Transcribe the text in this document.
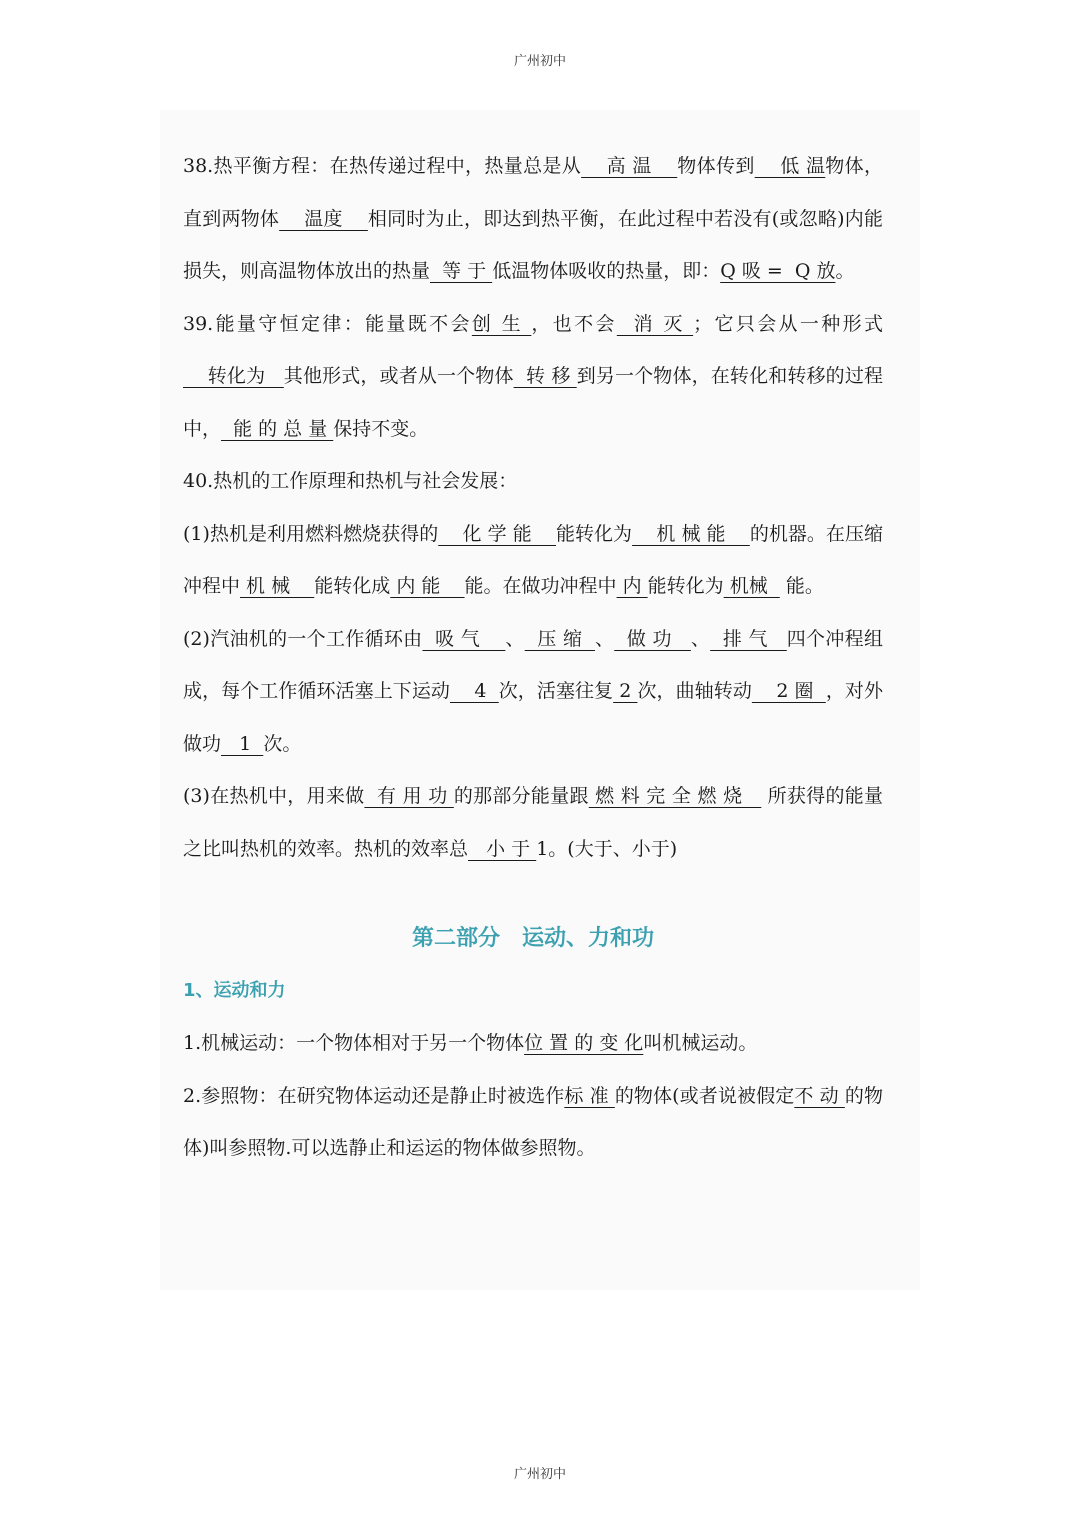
广州初中

38.热平衡方程：在热传递过程中，热量总是从    高 温    物体传到    低 温物体，直到两物体    温度    相同时为止，即达到热平衡，在此过程中若没有(或忽略)内能损失，则高温物体放出的热量  等 于 低温物体吸收的热量，即：Q 吸 =  Q 放。

39.能量守恒定律：能量既不会创 生 ，也不会  消 灭 ；它只会从一种形式    转化为   其他形式，或者从一个物体  转 移 到另一个物体，在转化和转移的过程中，  能 的 总 量 保持不变。

40.热机的工作原理和热机与社会发展：

(1)热机是利用燃料燃烧获得的    化 学 能    能转化为    机 械 能    的机器。在压缩冲程中 机 械    能转化成 内 能    能。在做功冲程中 内 能转化为 机械   能。

(2)汽油机的一个工作循环由  吸 气    、  压 缩  、  做 功   、  排 气   四个冲程组成，每个工作循环活塞上下运动    4  次，活塞往复 2 次，曲轴转动    2 圈  ，对外做功   1  次。

(3)在热机中，用来做  有 用 功 的那部分能量跟 燃 料 完 全 燃 烧    所获得的能量之比叫热机的效率。热机的效率总   小 于 1。(大于、小于)

第二部分　运动、力和功
1、运动和力

1.机械运动：一个物体相对于另一个物体位 置 的 变 化叫机械运动。

2.参照物：在研究物体运动还是静止时被选作标 准 的物体(或者说被假定不 动 的物体)叫参照物.可以选静止和运运的物体做参照物。

广州初中
